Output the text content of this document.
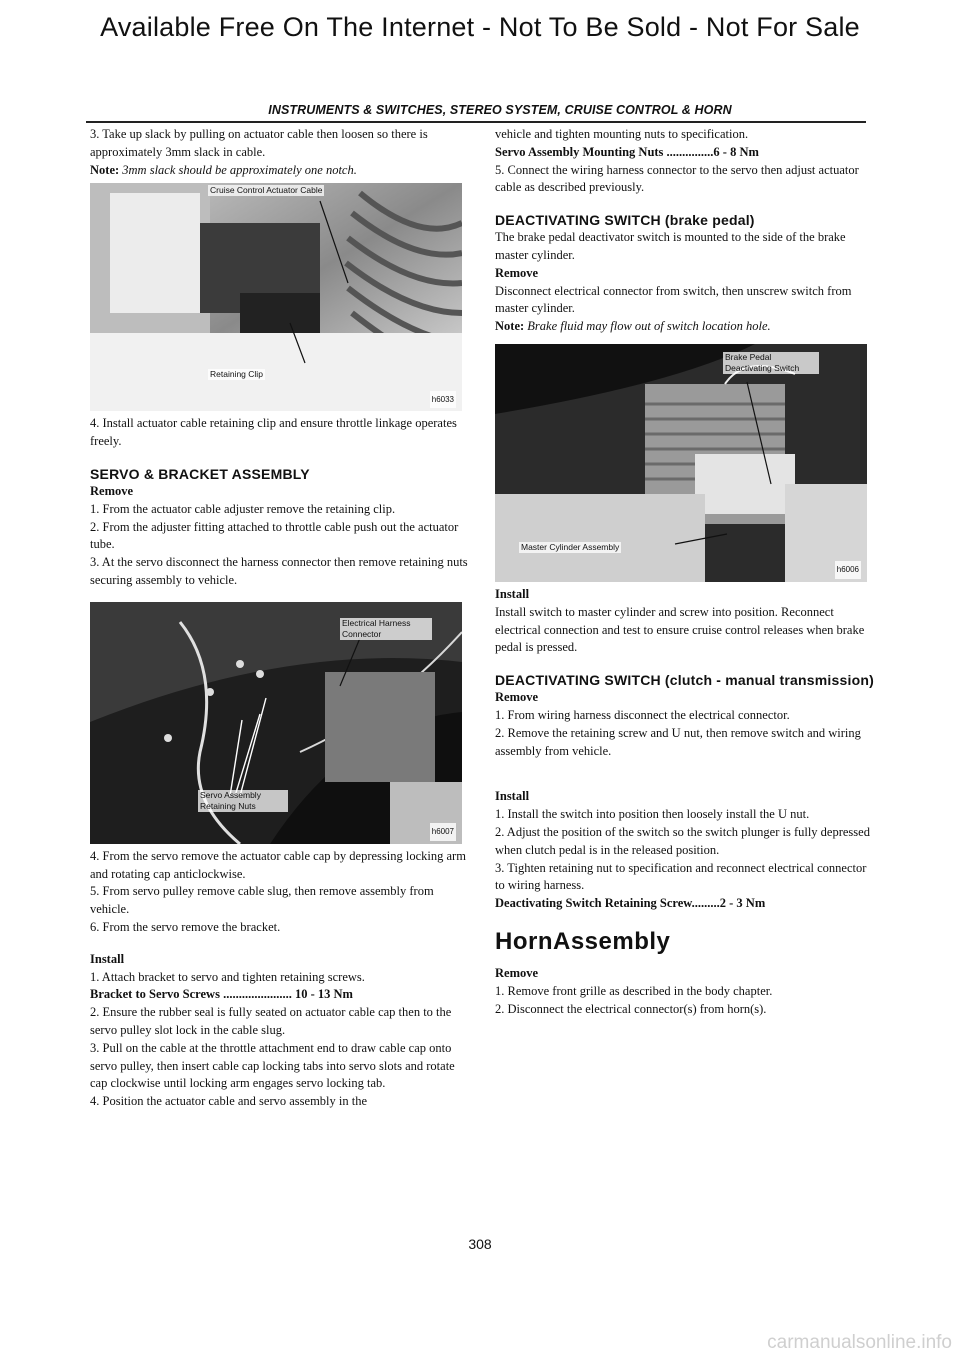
Available Free On The Internet - Not To Be Sold - Not For Sale
INSTRUMENTS & SWITCHES, STEREO SYSTEM, CRUISE CONTROL & HORN

3. Take up slack by pulling on actuator cable then loosen so there is approximately 3mm slack in cable.

Note: 3mm slack should be approximately one notch.

Cruise Control Actuator Cable
Retaining Clip
h6033

4. Install actuator cable retaining clip and ensure throttle linkage operates freely.

SERVO & BRACKET ASSEMBLY

Remove

1. From the actuator cable adjuster remove the retaining clip.

2. From the adjuster fitting attached to throttle cable push out the actuator tube.

3. At the servo disconnect the harness connector then remove retaining nuts securing assembly to vehicle.

Electrical Harness Connector
Servo Assembly Retaining Nuts
h6007

4. From the servo remove the actuator cable cap by depressing locking arm and rotating cap anticlockwise.

5. From servo pulley remove cable slug, then remove assembly from vehicle.

6. From the servo remove the bracket.

Install

1. Attach bracket to servo and tighten retaining screws.

Bracket to Servo Screws ...................... 10 - 13 Nm

2. Ensure the rubber seal is fully seated on actuator cable cap then to the servo pulley slot lock in the cable slug.

3. Pull on the cable at the throttle attachment end to draw cable cap onto servo pulley, then insert cable cap locking tabs into servo slots and rotate cap clockwise until locking arm engages servo locking tab.

4. Position the actuator cable and servo assembly in the

vehicle and tighten mounting nuts to specification.

Servo Assembly Mounting Nuts ...............6 - 8 Nm

5. Connect the wiring harness connector to the servo then adjust actuator cable as described previously.

DEACTIVATING SWITCH (brake pedal)

The brake pedal deactivator switch is mounted to the side of the brake master cylinder.

Remove

Disconnect electrical connector from switch, then unscrew switch from master cylinder.

Note: Brake fluid may flow out of switch location hole.

Brake Pedal Deactivating Switch
Master Cylinder Assembly
h6006

Install

Install switch to master cylinder and screw into position. Reconnect electrical connection and test to ensure cruise control releases when brake pedal is pressed.

DEACTIVATING SWITCH (clutch - manual transmission)

Remove

1. From wiring harness disconnect the electrical connector.

2. Remove the retaining screw and U nut, then remove switch and wiring assembly from vehicle.

Install

1. Install the switch into position then loosely install the U nut.

2. Adjust the position of the switch so the switch plunger is fully depressed when clutch pedal is in the released position.

3. Tighten retaining nut to specification and reconnect electrical connector to wiring harness.

Deactivating Switch Retaining Screw.........2 - 3 Nm

HornAssembly

Remove

1. Remove front grille as described in the body chapter.

2. Disconnect the electrical connector(s) from horn(s).

308
carmanualsonline.info
